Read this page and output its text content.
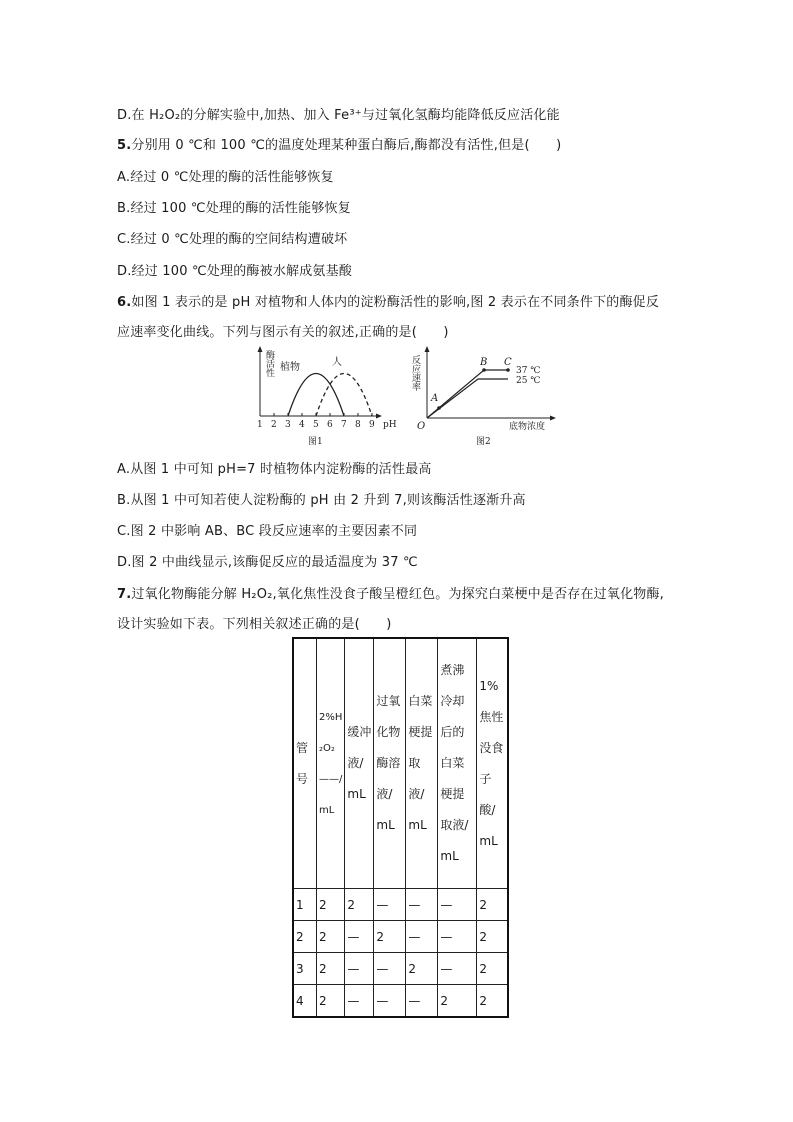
D.在 H₂O₂的分解实验中,加热、加入 Fe³⁺与过氧化氢酶均能降低反应活化能
5.分别用 0 ℃和 100 ℃的温度处理某种蛋白酶后,酶都没有活性,但是(　　)
A.经过 0 ℃处理的酶的活性能够恢复
B.经过 100 ℃处理的酶的活性能够恢复
C.经过 0 ℃处理的酶的空间结构遭破坏
D.经过 100 ℃处理的酶被水解成氨基酸
6.如图 1 表示的是 pH 对植物和人体内的淀粉酶活性的影响,图 2 表示在不同条件下的酶促反
应速率变化曲线。下列与图示有关的叙述,正确的是(　　)
酶活性
植物	人
1 2 3 4 5 6 7 8 9 pH
图1
反应速率
A
B C
37 ℃
25 ℃
O	底物浓度
图2
A.从图 1 中可知 pH=7 时植物体内淀粉酶的活性最高
B.从图 1 中可知若使人淀粉酶的 pH 由 2 升到 7,则该酶活性逐渐升高
C.图 2 中影响 AB、BC 段反应速率的主要因素不同
D.图 2 中曲线显示,该酶促反应的最适温度为 37 ℃
7.过氧化物酶能分解 H₂O₂,氧化焦性没食子酸呈橙红色。为探究白菜梗中是否存在过氧化物酶,
设计实验如下表。下列相关叙述正确的是(　　)
管号	2%H₂O₂——/mL	缓冲液/mL	过氧化物酶溶液/mL	白菜梗提取液/mL	煮沸冷却后的白菜梗提取液/mL	1%焦性没食子酸/mL

1	2	2	—	—	—	2
2	2	—	2	—	—	2
3	2	—	—	2	—	2
4	2	—	—	—	2	2
